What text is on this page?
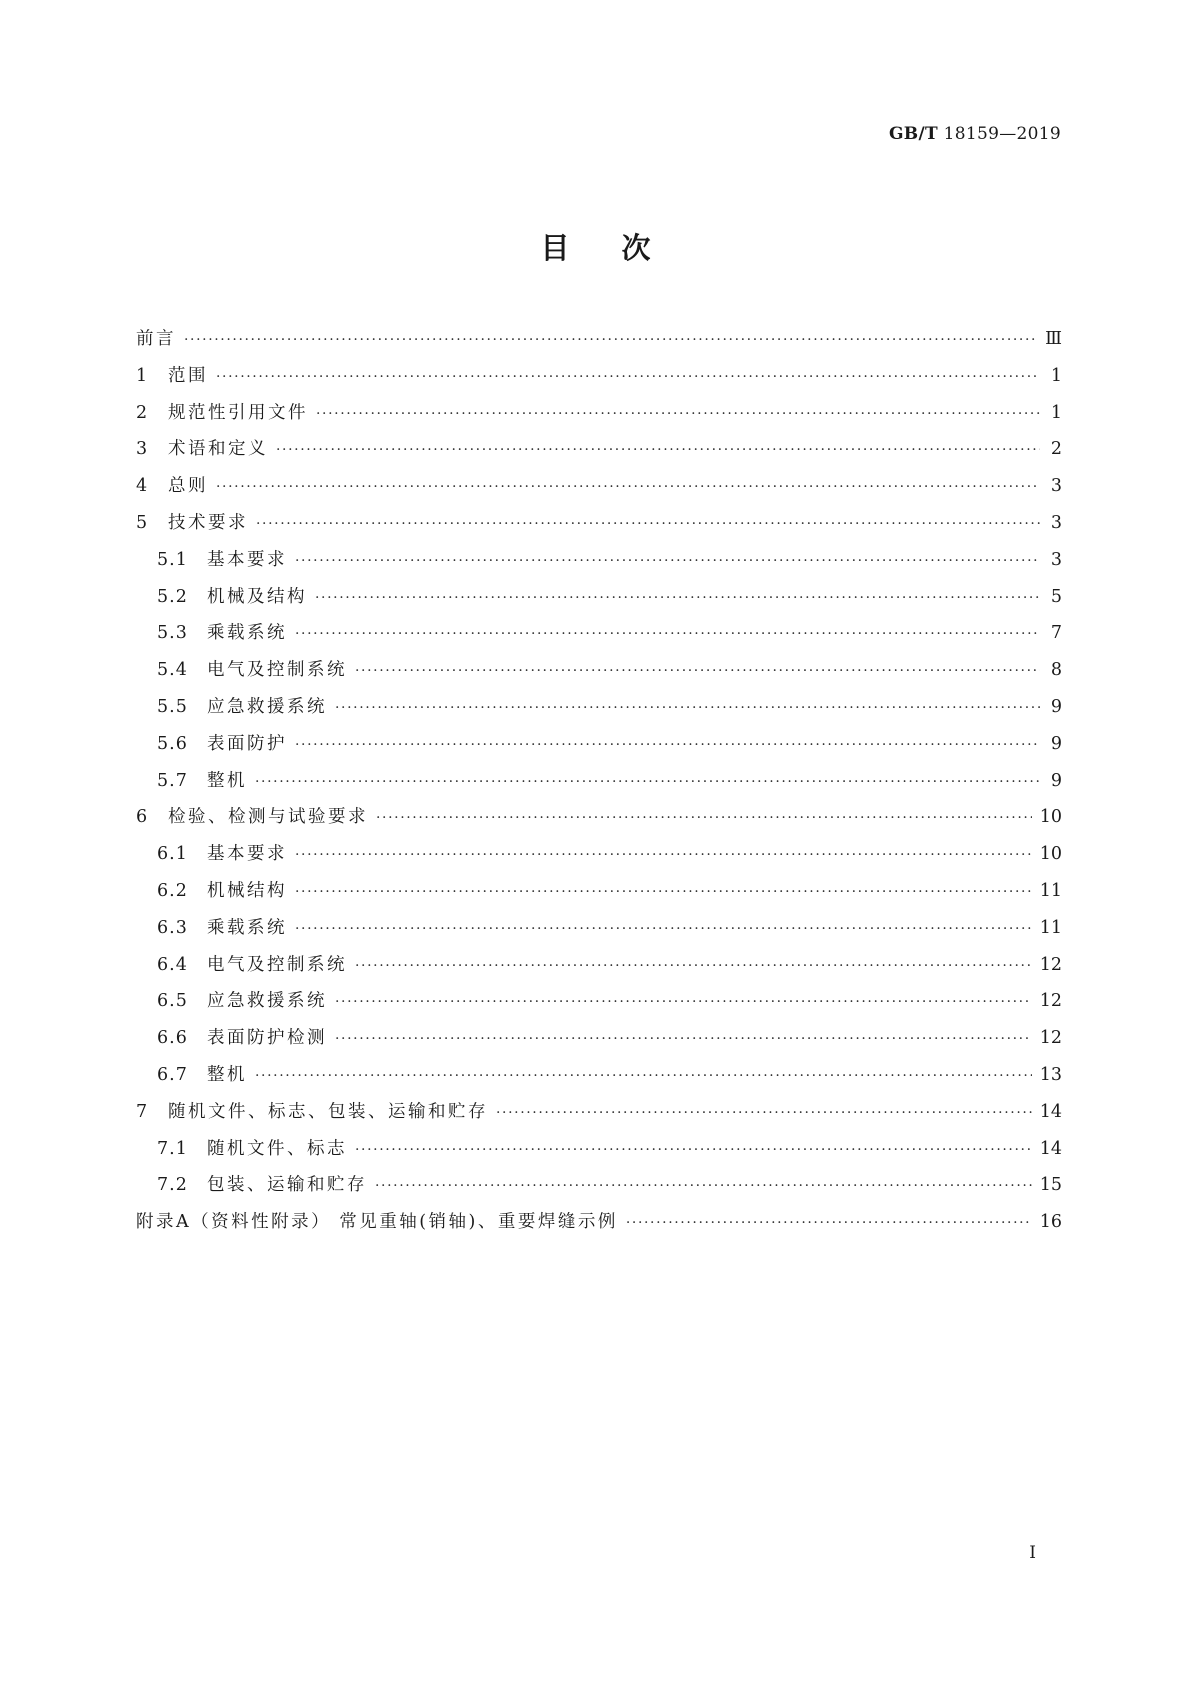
GB/T 18159—2019
目 次
前言 ·····	Ⅲ
1	范围 ·····	1
2	规范性引用文件 ·····	1
3	术语和定义 ·····	2
4	总则 ·····	3
5	技术要求 ·····	3
5.1	基本要求 ·····	3
5.2	机械及结构 ·····	5
5.3	乘载系统 ·····	7
5.4	电气及控制系统 ·····	8
5.5	应急救援系统 ·····	9
5.6	表面防护 ·····	9
5.7	整机 ·····	9
6	检验、检测与试验要求 ·····	10
6.1	基本要求 ·····	10
6.2	机械结构 ·····	11
6.3	乘载系统 ·····	11
6.4	电气及控制系统 ·····	12
6.5	应急救援系统 ·····	12
6.6	表面防护检测 ·····	12
6.7	整机 ·····	13
7	随机文件、标志、包装、运输和贮存 ·····	14
7.1	随机文件、标志 ·····	14
7.2	包装、运输和贮存 ·····	15
附录A（资料性附录） 常见重轴(销轴)、重要焊缝示例 ·····	16
Ⅰ
